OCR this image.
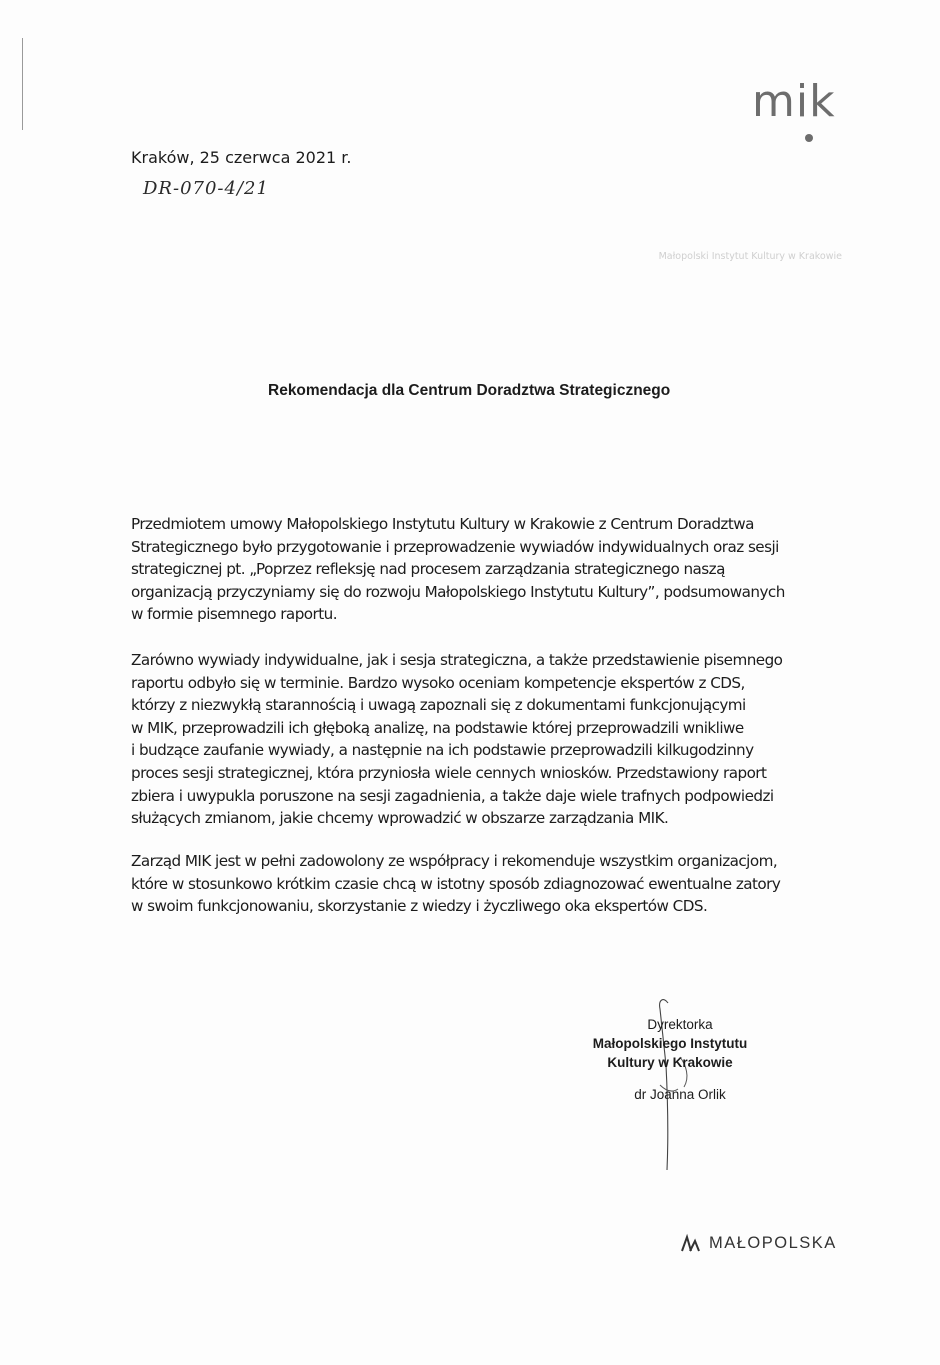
mik

Małopolski Instytut Kultury w Krakowie

Kraków, 25 czerwca 2021 r.
DR-070-4/21
Rekomendacja dla Centrum Doradztwa Strategicznego
Przedmiotem umowy Małopolskiego Instytutu Kultury w Krakowie z Centrum Doradztwa
Strategicznego było przygotowanie i przeprowadzenie wywiadów indywidualnych oraz sesji
strategicznej pt. „Poprzez refleksję nad procesem zarządzania strategicznego naszą
organizacją przyczyniamy się do rozwoju Małopolskiego Instytutu Kultury”, podsumowanych
w formie pisemnego raportu.
Zarówno wywiady indywidualne, jak i sesja strategiczna, a także przedstawienie pisemnego
raportu odbyło się w terminie. Bardzo wysoko oceniam kompetencje ekspertów z CDS,
którzy z niezwykłą starannością i uwagą zapoznali się z dokumentami funkcjonującymi
w MIK, przeprowadzili ich głęboką analizę, na podstawie której przeprowadzili wnikliwe
i budzące zaufanie wywiady, a następnie na ich podstawie przeprowadzili kilkugodzinny
proces sesji strategicznej, która przyniosła wiele cennych wniosków. Przedstawiony raport
zbiera i uwypukla poruszone na sesji zagadnienia, a także daje wiele trafnych podpowiedzi
służących zmianom, jakie chcemy wprowadzić w obszarze zarządzania MIK.
Zarząd MIK jest w pełni zadowolony ze współpracy i rekomenduje wszystkim organizacjom,
które w stosunkowo krótkim czasie chcą w istotny sposób zdiagnozować ewentualne zatory
w swoim funkcjonowaniu, skorzystanie z wiedzy i życzliwego oka ekspertów CDS.
Dyrektorka
Małopolskiego Instytutu
Kultury w Krakowie
dr Joanna Orlik
MAŁOPOLSKA
